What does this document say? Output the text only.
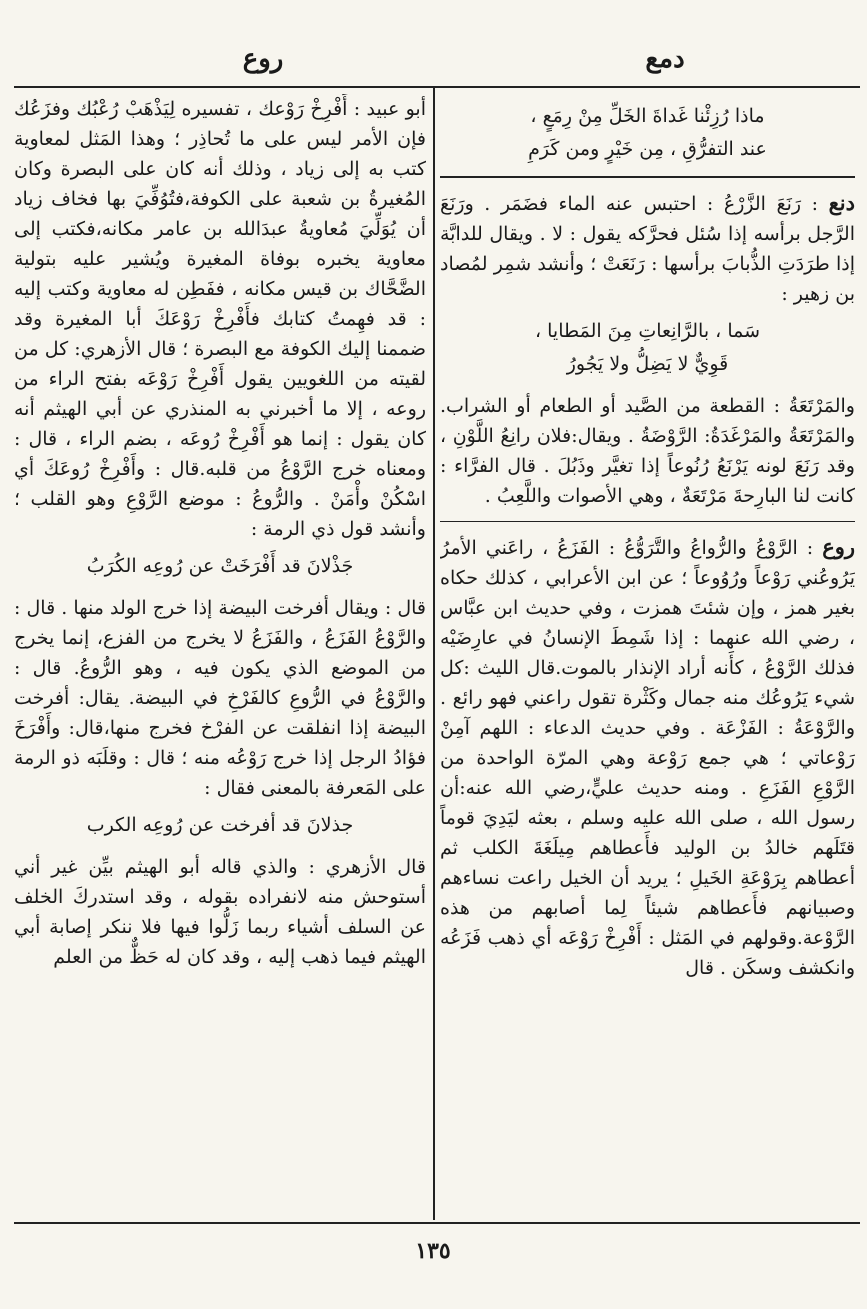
دمع
روع
ماذا رُزِئْنا غَداةَ الخَلِّ مِنْ رِمَعٍ ،
عند التفرُّقِ ، مِن خَيْرٍ ومن كَرَمِ

دنع : رَنَعَ الزَّرْعُ : احتبس عنه الماء فضَمَر . ورَنَعَ الرَّجل برأسه إذا سُئل فحرَّكه يقول : لا . ويقال للدابَّة إذا طرَدَتِ الذُّبابَ برأسها : رَنَعَتْ ؛ وأنشد شمِر لمُصاد بن زهير :

سَما ، بالرَّانِعاتِ مِنَ المَطايا ،
قَوِيٌّ لا يَضِلُّ ولا يَجُورُ

والمَرْتَعَةُ : القطعة من الصَّيد أو الطعام أو الشراب. والمَرْتَعَةُ والمَرْغَدَةُ: الرَّوْضَةُ . ويقال:فلان رانِعُ اللَّوْنِ ، وقد رَنَعَ لونه يَرْنَعُ رُنُوعاً إذا تغيَّر وذَبُلَ . قال الفرَّاء : كانت لنا البارِحةَ مَرْتَعَةٌ ، وهي الأصوات واللَّعِبُ .

روع : الرَّوْعُ والرُّواعُ والتَّرَوُّعُ : الفَزَعُ ، راعَني الأمرُ يَرُوعُني رَوْعاً ورُوُوعاً ؛ عن ابن الأعرابي ، كذلك حكاه بغير همز ، وإن شئتَ همزت ، وفي حديث ابن عبَّاس ، رضي الله عنهما : إذا شَمِطَ الإنسانُ في عارِضَيْه فذلك الرَّوْعُ ، كأَنه أراد الإنذار بالموت.قال الليث :كل شيء يَرُوعُك منه جمال وكَثْرة تقول راعني فهو رائع . والرَّوْعَةُ : الفَزْعَة . وفي حديث الدعاء : اللهم آمِنْ رَوْعاتي ؛ هي جمع رَوْعة وهي المرّة الواحدة من الرَّوْعِ الفَزَعِ . ومنه حديث عليٍّ،رضي الله عنه:أن رسول الله ، صلى الله عليه وسلم ، بعثه ليَدِيَ قوماً قتَلَهم خالدُ بن الوليد فأَعطاهم مِيلَغَةَ الكلب ثم أعطاهم بِرَوْعَةِ الخَيلِ ؛ يريد أن الخيل راعت نساءهم وصبيانهم فأَعطاهم شيئاً لِما أصابهم من هذه الرَّوْعة.وقولهم في المَثل : أَفْرِخْ رَوْعَه أي ذهب فَزَعُه وانكشف وسكَن . قال

أبو عبيد : أَفْرِخْ رَوْعك ، تفسيره لِيَذْهَبْ رُعْبُك وفزَعُك فإن الأمر ليس على ما تُحاذِر ؛ وهذا المَثل لمعاوية كتب به إلى زياد ، وذلك أنه كان على البصرة وكان المُغيرةُ بن شعبة على الكوفة،فتُوُفِّيَ بها فخاف زياد أن يُوَلِّيَ مُعاويةُ عبدَالله بن عامر مكانه،فكتب إلى معاوية يخبره بوفاة المغيرة ويُشير عليه بتولية الضَّحَّاك بن قيس مكانه ، ففَطِن له معاوية وكتب إليه : قد فهِمتُ كتابك فأَفْرِخْ رَوْعَكَ أبا المغيرة وقد ضممنا إليك الكوفة مع البصرة ؛ قال الأزهري: كل من لقيته من اللغويين يقول أَفْرِخْ رَوْعَه بفتح الراء من روعه ، إلا ما أخبرني به المنذري عن أبي الهيثم أنه كان يقول : إنما هو أَفْرِخْ رُوعَه ، بضم الراء ، قال : ومعناه خرج الرَّوْعُ من قلبه.قال : وأَفْرِخْ رُوعَكَ أي اسْكُنْ وأْمَنْ . والرُّوعُ : موضع الرَّوْعِ وهو القلب ؛ وأنشد قول ذي الرمة :

جَذْلانَ قد أَفْرَخَتْ عن رُوعِه الكُرَبُ

قال : ويقال أفرخت البيضة إذا خرج الولد منها . قال : والرَّوْعُ الفَزَعُ ، والفَزَعُ لا يخرج من الفزع، إنما يخرج من الموضع الذي يكون فيه ، وهو الرُّوعُ. قال : والرَّوْعُ في الرُّوعِ كالفَرْخِ في البيضة. يقال: أفرخت البيضة إذا انفلقت عن الفرْخ فخرج منها،قال: وأَفْرَخَ فؤادُ الرجل إذا خرج رَوْعُه منه ؛ قال : وقلَبَه ذو الرمة على المَعرفة بالمعنى فقال :

جذلانَ قد أفرخت عن رُوعِه الكرب

قال الأزهري : والذي قاله أبو الهيثم بيِّن غير أني أستوحش منه لانفراده بقوله ، وقد استدركَ الخلف عن السلف أشياء ربما زَلُّوا فيها فلا ننكر إصابة أبي الهيثم فيما ذهب إليه ، وقد كان له حَظٌّ من العلم

١٣٥
